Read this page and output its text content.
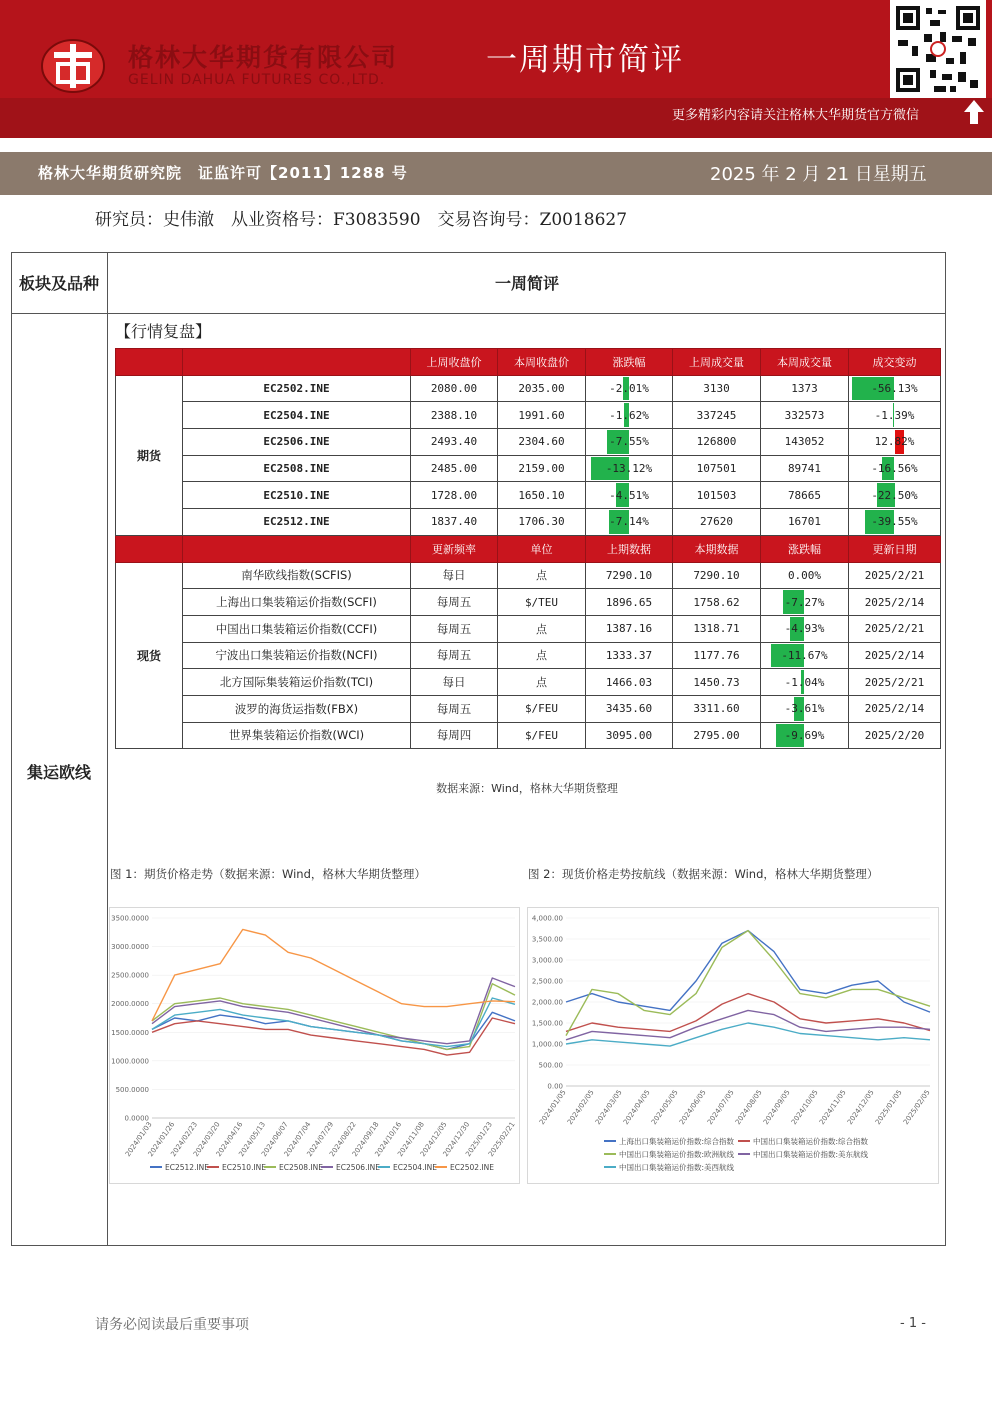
格林大华期货有限公司
GELIN DAHUA FUTURES CO.,LTD.
一周期市简评
更多精彩内容请关注格林大华期货官方微信
格林大华期货研究院　证监许可【2011】1288 号	2025 年 2 月 21 日星期五
研究员：史伟澈　从业资格号：F3083590　交易咨询号：Z0018627
板块及品种	一周简评
集运欧线
【行情复盘】
		上周收盘价	本周收盘价	涨跌幅	上周成交量	本周成交量	成交变动
期货	EC2502.INE	2080.00	2035.00	-2.01%	3130	1373	-56.13%
	EC2504.INE	2388.10	1991.60	-1.62%	337245	332573	-1.39%
	EC2506.INE	2493.40	2304.60	-7.55%	126800	143052	12.82%
	EC2508.INE	2485.00	2159.00	-13.12%	107501	89741	-16.56%
	EC2510.INE	1728.00	1650.10	-4.51%	101503	78665	-22.50%
	EC2512.INE	1837.40	1706.30	-7.14%	27620	16701	-39.55%
		更新频率	单位	上期数据	本期数据	涨跌幅	更新日期
现货	南华欧线指数(SCFIS)	每日	点	7290.10	7290.10	0.00%	2025/2/21
	上海出口集装箱运价指数(SCFI)	每周五	$/TEU	1896.65	1758.62	-7.27%	2025/2/14
	中国出口集装箱运价指数(CCFI)	每周五	点	1387.16	1318.71	-4.93%	2025/2/21
	宁波出口集装箱运价指数(NCFI)	每周五	点	1333.37	1177.76	-11.67%	2025/2/14
	北方国际集装箱运价指数(TCI)	每日	点	1466.03	1450.73	-1.04%	2025/2/21
	波罗的海货运指数(FBX)	每周五	$/FEU	3435.60	3311.60	-3.61%	2025/2/14
	世界集装箱运价指数(WCI)	每周四	$/FEU	3095.00	2795.00	-9.69%	2025/2/20
数据来源：Wind，格林大华期货整理
图 1：期货价格走势（数据来源：Wind，格林大华期货整理）	图 2：现货价格走势按航线（数据来源：Wind，格林大华期货整理）
0.0000
500.0000
1000.0000
1500.0000
2000.0000
2500.0000
3000.0000
3500.0000
2024/01/03
2024/01/26
2024/02/23
2024/03/20
2024/04/16
2024/05/13
2024/06/07
2024/07/04
2024/07/29
2024/08/22
2024/09/18
2024/10/16
2024/11/08
2024/12/05
2024/12/30
2025/01/23
2025/02/21
EC2512.INE EC2510.INE EC2508.INE EC2506.INE EC2504.INE EC2502.INE
0.00
500.00
1,000.00
1,500.00
2,000.00
2,500.00
3,000.00
3,500.00
4,000.00
2024/01/05
2024/02/05
2024/03/05
2024/04/05
2024/05/05
2024/06/05
2024/07/05
2024/08/05
2024/09/05
2024/10/05
2024/11/05
2024/12/05
2025/01/05
2025/02/05
上海出口集装箱运价指数:综合指数	中国出口集装箱运价指数:综合指数
中国出口集装箱运价指数:欧洲航线	中国出口集装箱运价指数:美东航线
中国出口集装箱运价指数:美西航线
请务必阅读最后重要事项	- 1 -
